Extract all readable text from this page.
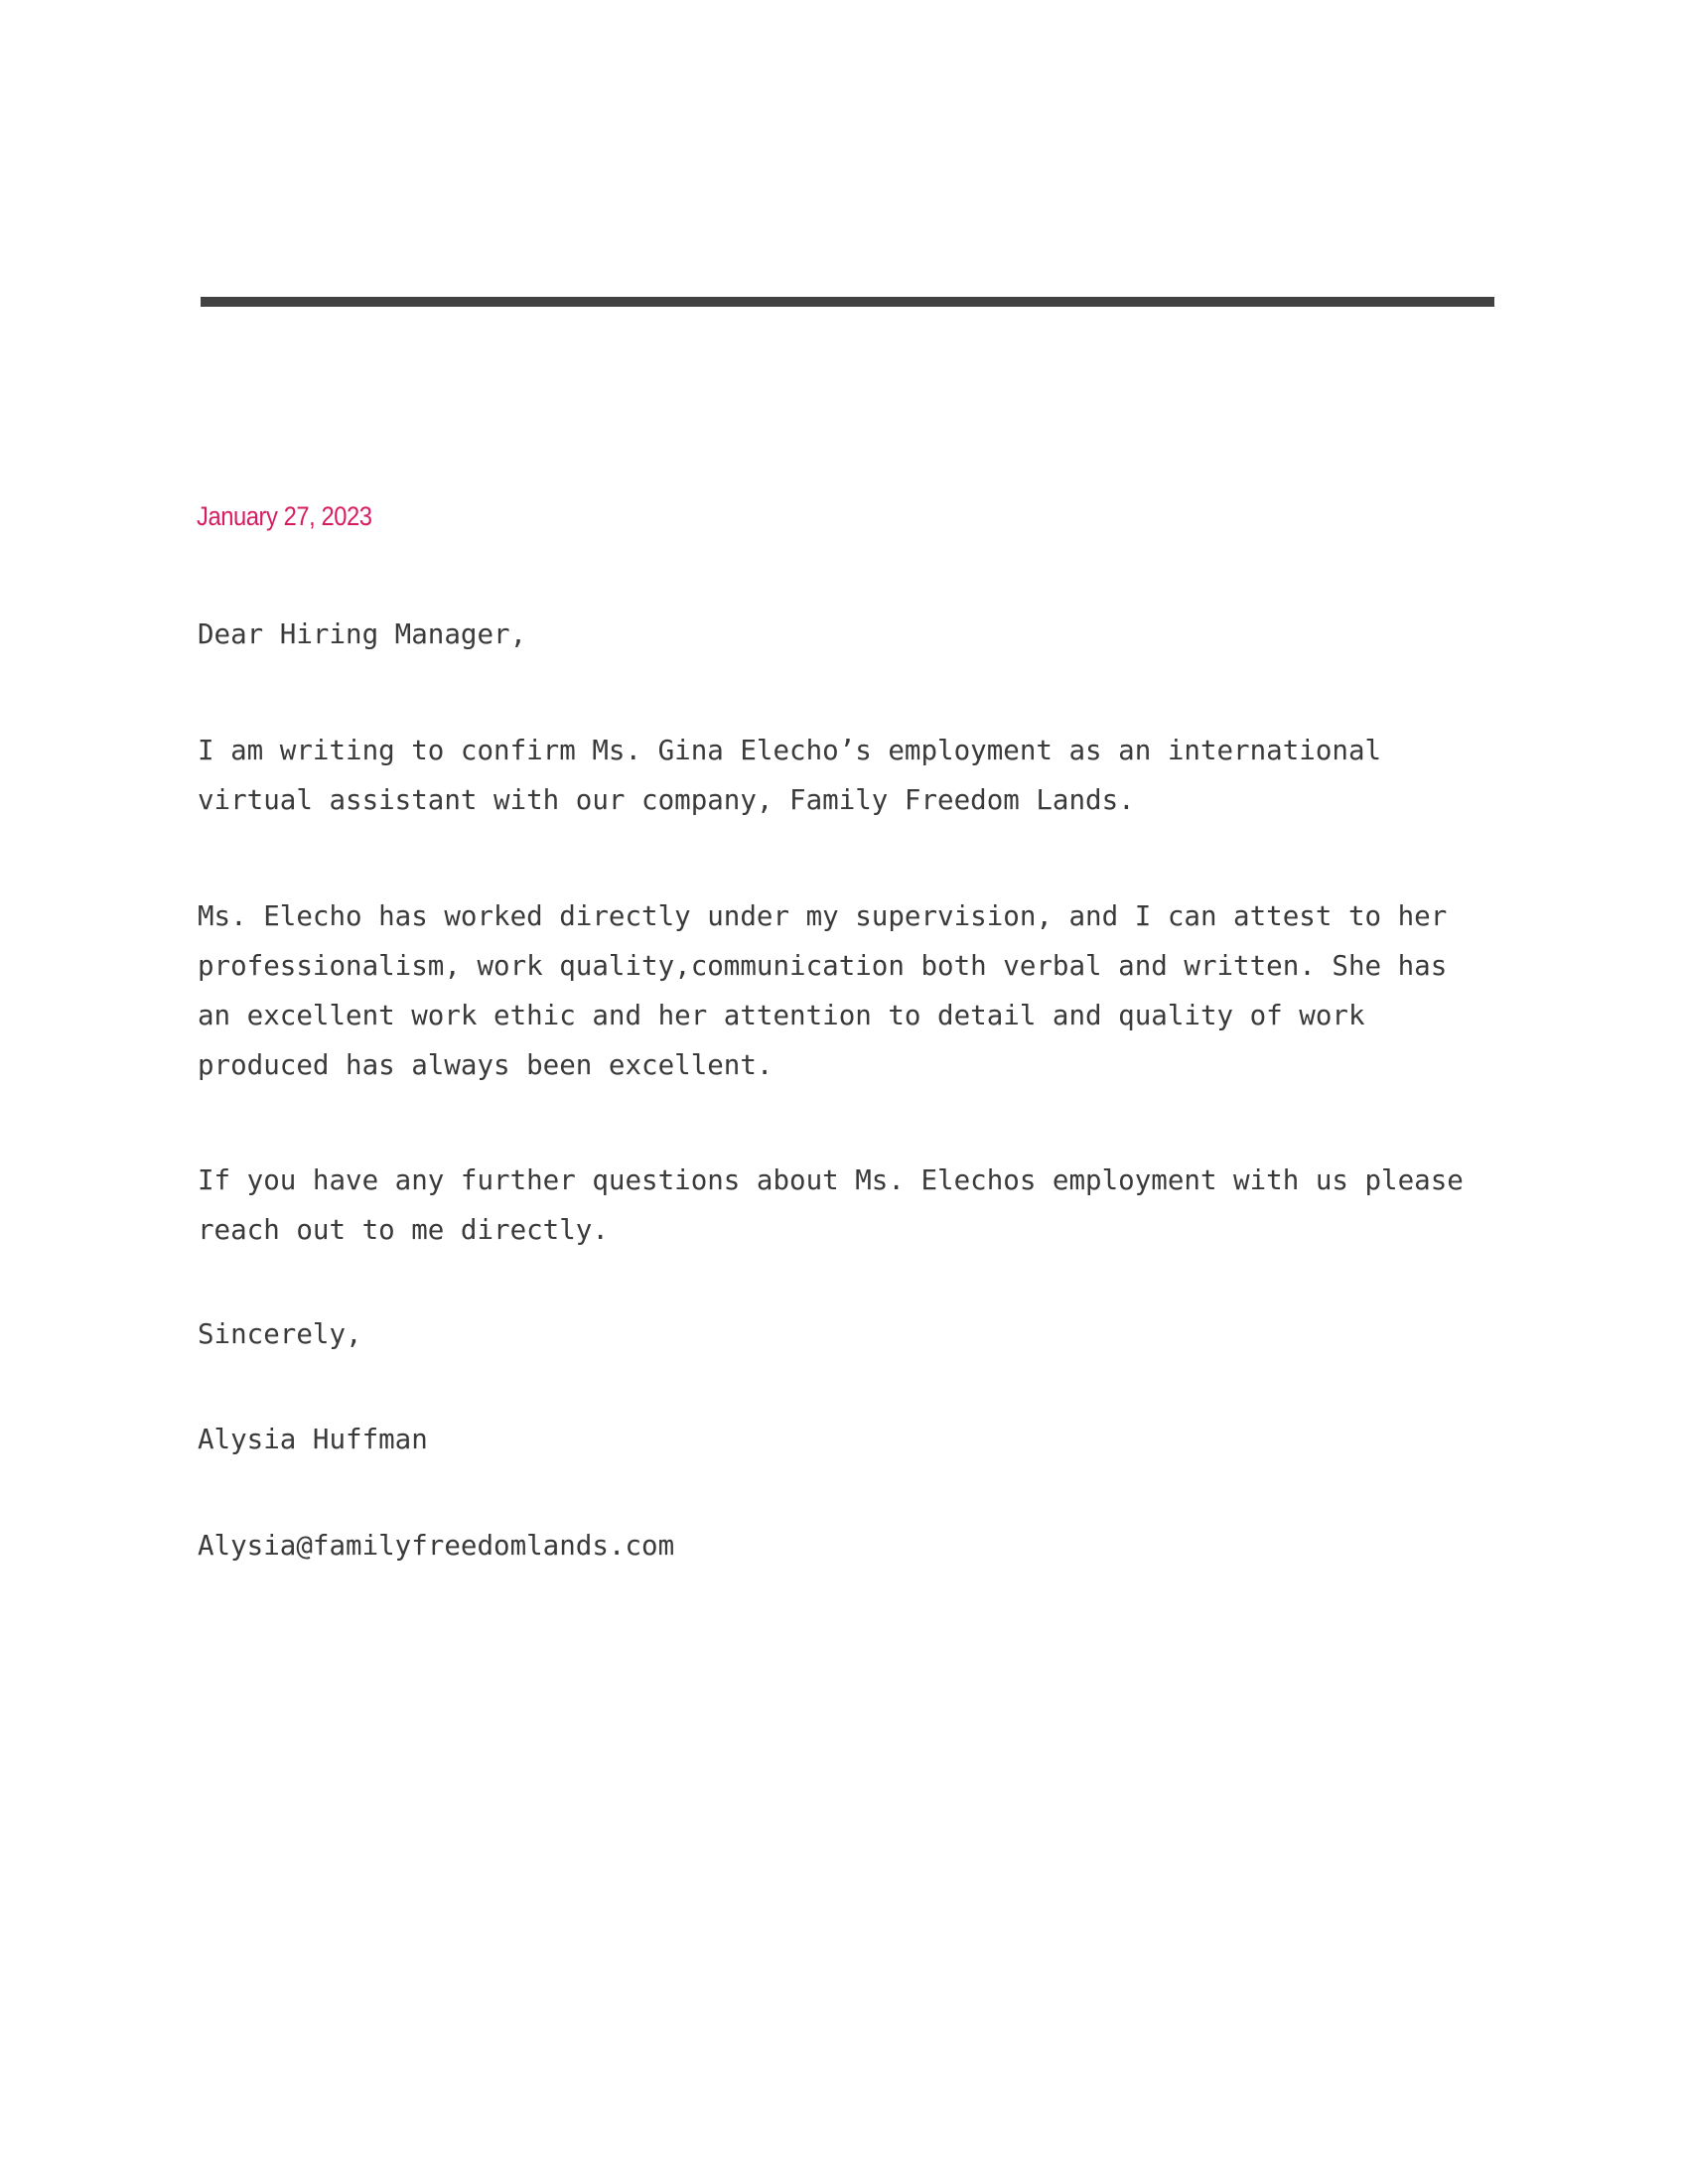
January 27, 2023
Dear Hiring Manager,
I am writing to confirm Ms. Gina Elecho’s employment as an international
virtual assistant with our company, Family Freedom Lands.
Ms. Elecho has worked directly under my supervision, and I can attest to her
professionalism, work quality,communication both verbal and written. She has
an excellent work ethic and her attention to detail and quality of work
produced has always been excellent.
If you have any further questions about Ms. Elechos employment with us please
reach out to me directly.
Sincerely,
Alysia Huffman
Alysia@familyfreedomlands.com
